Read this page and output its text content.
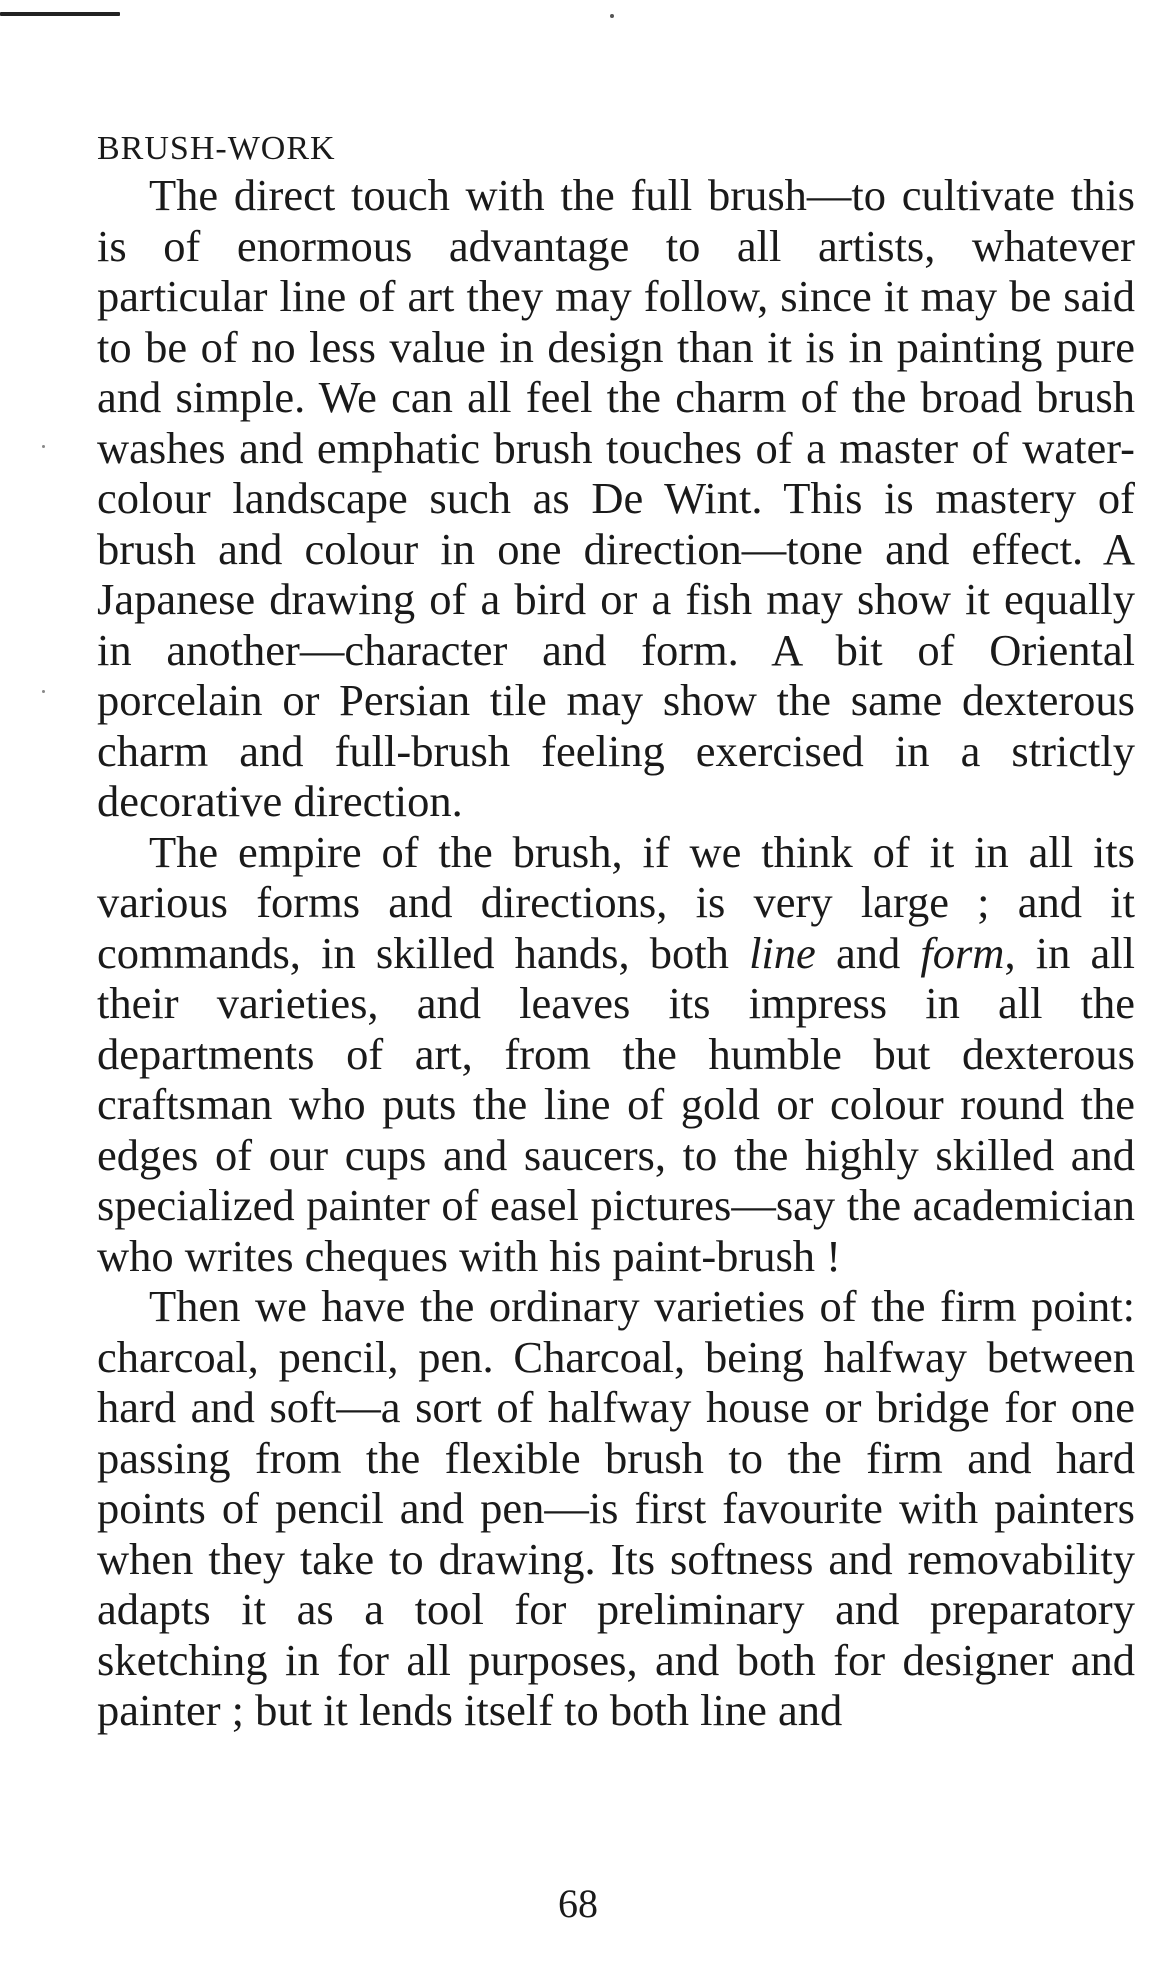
BRUSH-WORK

The direct touch with the full brush—to cultivate this is of enormous advantage to all artists, whatever particular line of art they may follow, since it may be said to be of no less value in design than it is in painting pure and simple. We can all feel the charm of the broad brush washes and emphatic brush touches of a master of water-colour landscape such as De Wint. This is mastery of brush and colour in one direction—tone and effect. A Japanese drawing of a bird or a fish may show it equally in another—character and form. A bit of Oriental porcelain or Persian tile may show the same dexterous charm and full-brush feeling exercised in a strictly decorative direction.

The empire of the brush, if we think of it in all its various forms and directions, is very large ; and it commands, in skilled hands, both line and form, in all their varieties, and leaves its impress in all the departments of art, from the humble but dexterous craftsman who puts the line of gold or colour round the edges of our cups and saucers, to the highly skilled and specialized painter of easel pictures—say the academician who writes cheques with his paint-brush !

Then we have the ordinary varieties of the firm point: charcoal, pencil, pen. Charcoal, being halfway between hard and soft—a sort of halfway house or bridge for one passing from the flexible brush to the firm and hard points of pencil and pen—is first favourite with painters when they take to drawing. Its softness and removability adapts it as a tool for preliminary and preparatory sketching in for all purposes, and both for designer and painter ; but it lends itself to both line and

68
